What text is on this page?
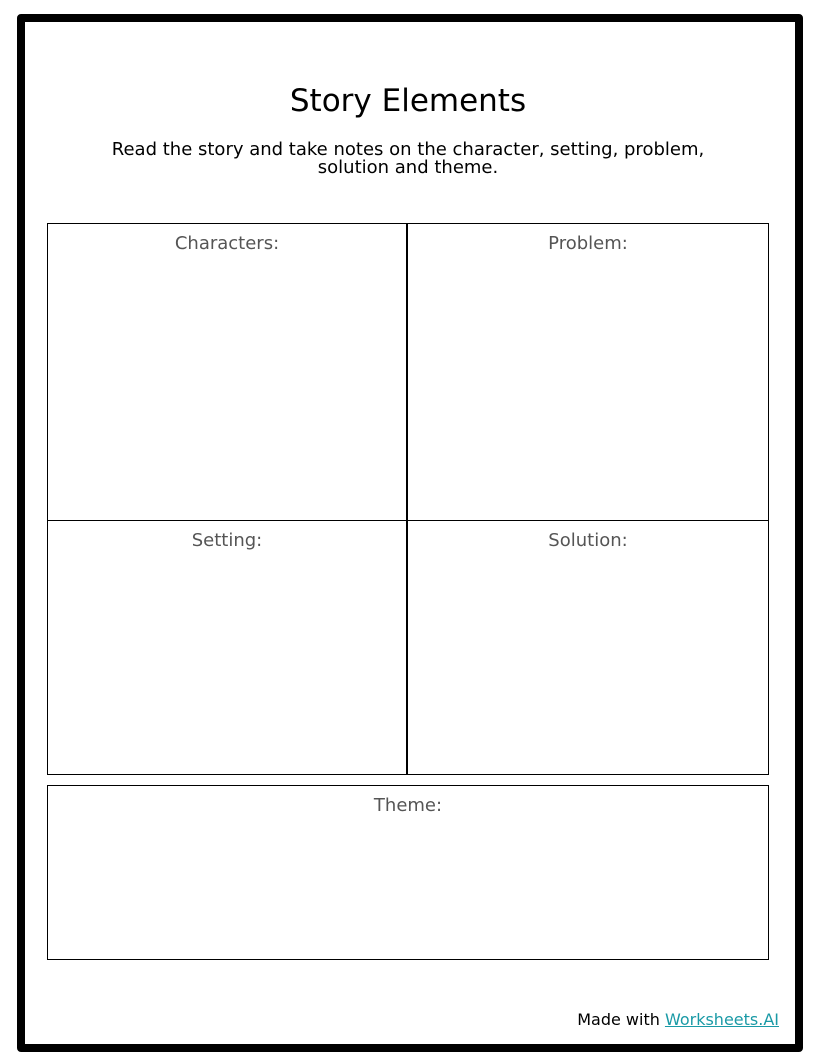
Story Elements

Read the story and take notes on the character, setting, problem, solution and theme.

Characters:	Problem:
Setting:	Solution:
Theme:
Made with Worksheets.AI
